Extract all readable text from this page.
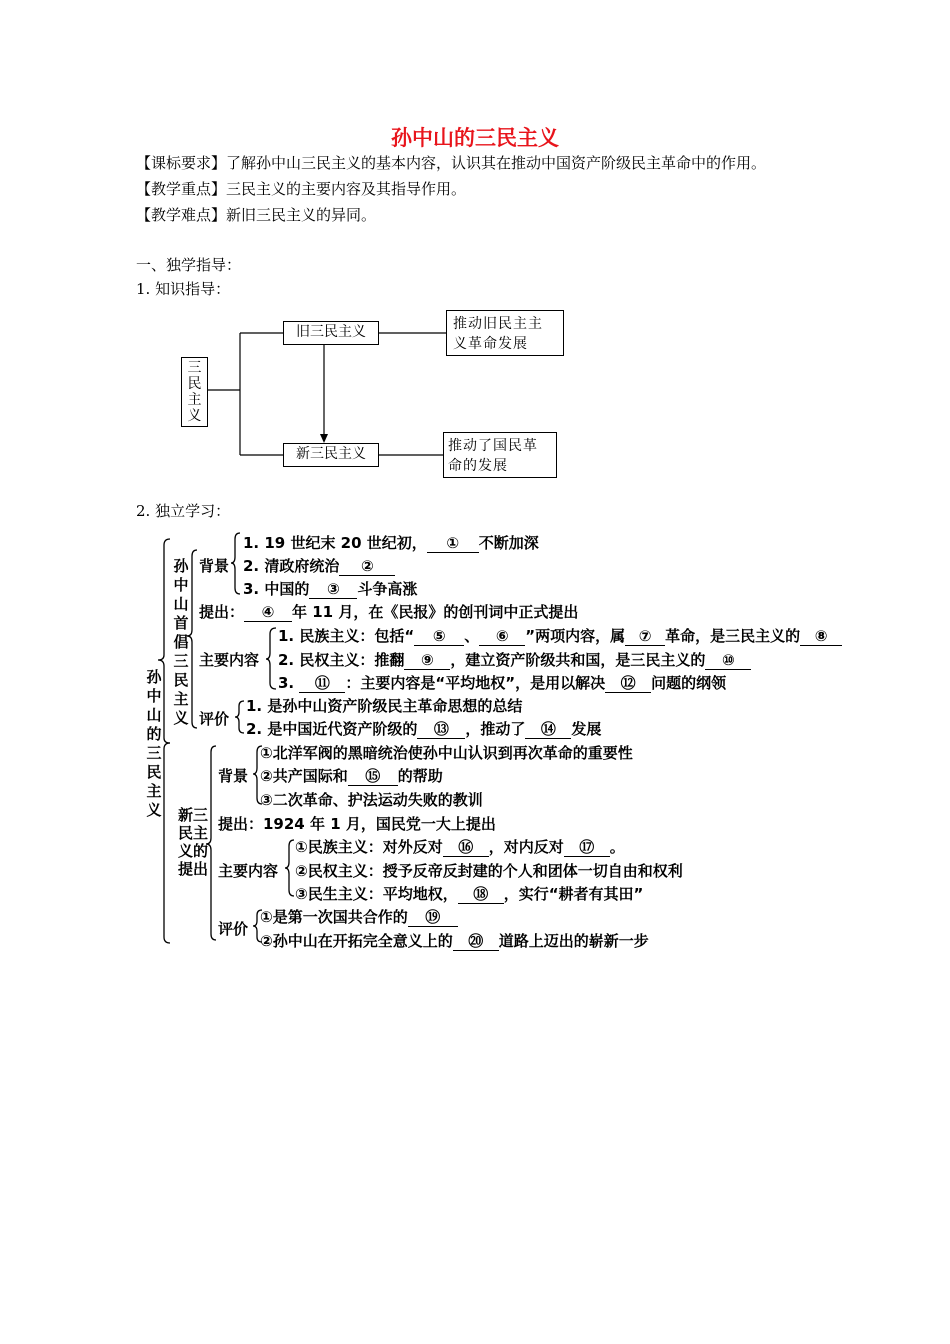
孙中山的三民主义
【课标要求】了解孙中山三民主义的基本内容，认识其在推动中国资产阶级民主革命中的作用。
【教学重点】三民主义的主要内容及其指导作用。
【教学难点】新旧三民主义的异同。
一、独学指导：
1. 知识指导：
2. 独立学习：
三民主义
旧三民主义
新三民主义
推动旧民主主义革命发展
推动了国民革命的发展
孙中山的三民主义
孙中山首倡三民主义
新三民主义的提出
背景
1. 19 世纪末 20 世纪初， ① 不断加深
2. 清政府统治 ②
3. 中国的 ③ 斗争高涨
提出： ④ 年 11 月，在《民报》的创刊词中正式提出
主要内容
1. 民族主义：包括“ ⑤ 、 ⑥ ”两项内容，属 ⑦ 革命，是三民主义的 ⑧
2. 民权主义：推翻 ⑨ ，建立资产阶级共和国，是三民主义的 ⑩
3. ⑪ ：主要内容是“平均地权”，是用以解决 ⑫ 问题的纲领
评价
1. 是孙中山资产阶级民主革命思想的总结
2. 是中国近代资产阶级的 ⑬ ，推动了 ⑭ 发展
背景
①北洋军阀的黑暗统治使孙中山认识到再次革命的重要性
②共产国际和 ⑮ 的帮助
③二次革命、护法运动失败的教训
提出：1924 年 1 月，国民党一大上提出
主要内容
①民族主义：对外反对 ⑯ ，对内反对 ⑰ 。
②民权主义：授予反帝反封建的个人和团体一切自由和权利
③民生主义：平均地权， ⑱ ，实行“耕者有其田”
评价
①是第一次国共合作的 ⑲
②孙中山在开拓完全意义上的 ⑳ 道路上迈出的崭新一步
